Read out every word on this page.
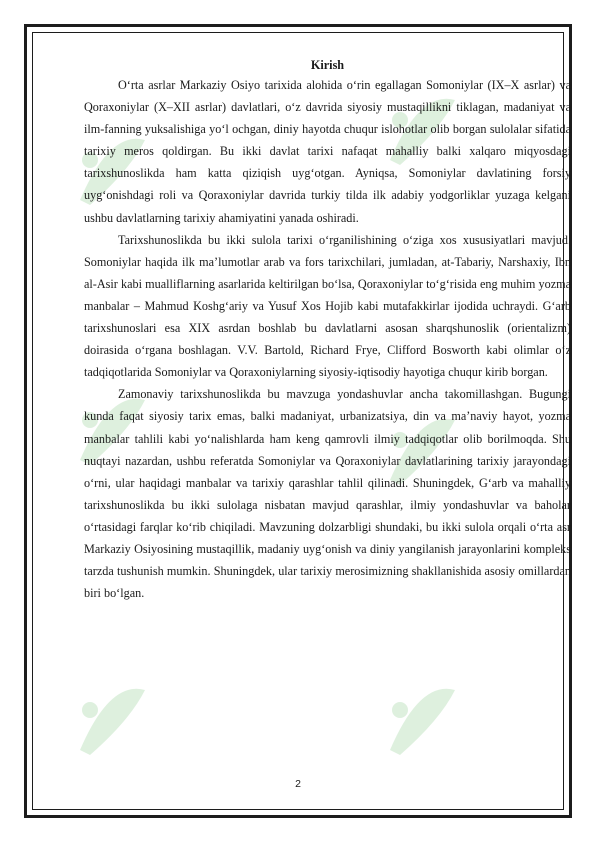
Kirish

O‘rta asrlar Markaziy Osiyo tarixida alohida o‘rin egallagan Somoniylar (IX–X asrlar) va Qoraxoniylar (X–XII asrlar) davlatlari, o‘z davrida siyosiy mustaqillikni tiklagan, madaniyat va ilm-fanning yuksalishiga yo‘l ochgan, diniy hayotda chuqur islohotlar olib borgan sulolalar sifatida tarixiy meros qoldirgan. Bu ikki davlat tarixi nafaqat mahalliy balki xalqaro miqyosdagi tarixshunoslikda ham katta qiziqish uyg‘otgan. Ayniqsa, Somoniylar davlatining forsiy uyg‘onishdagi roli va Qoraxoniylar davrida turkiy tilda ilk adabiy yodgorliklar yuzaga kelgani ushbu davlatlarning tarixiy ahamiyatini yanada oshiradi.

Tarixshunoslikda bu ikki sulola tarixi o‘rganilishining o‘ziga xos xususiyatlari mavjud. Somoniylar haqida ilk ma’lumotlar arab va fors tarixchilari, jumladan, at-Tabariy, Narshaxiy, Ibn al-Asir kabi mualliflarning asarlarida keltirilgan bo‘lsa, Qoraxoniylar to‘g‘risida eng muhim yozma manbalar – Mahmud Koshg‘ariy va Yusuf Xos Hojib kabi mutafakkirlar ijodida uchraydi. G‘arb tarixshunoslari esa XIX asrdan boshlab bu davlatlarni asosan sharqshunoslik (orientalizm) doirasida o‘rgana boshlagan. V.V. Bartold, Richard Frye, Clifford Bosworth kabi olimlar o‘z tadqiqotlarida Somoniylar va Qoraxoniylarning siyosiy-iqtisodiy hayotiga chuqur kirib borgan.

Zamonaviy tarixshunoslikda bu mavzuga yondashuvlar ancha takomillashgan. Bugungi kunda faqat siyosiy tarix emas, balki madaniyat, urbanizatsiya, din va ma’naviy hayot, yozma manbalar tahlili kabi yo‘nalishlarda ham keng qamrovli ilmiy tadqiqotlar olib borilmoqda. Shu nuqtayi nazardan, ushbu referatda Somoniylar va Qoraxoniylar davlatlarining tarixiy jarayondagi o‘rni, ular haqidagi manbalar va tarixiy qarashlar tahlil qilinadi. Shuningdek, G‘arb va mahalliy tarixshunoslikda bu ikki sulolaga nisbatan mavjud qarashlar, ilmiy yondashuvlar va baholar o‘rtasidagi farqlar ko‘rib chiqiladi. Mavzuning dolzarbligi shundaki, bu ikki sulola orqali o‘rta asr Markaziy Osiyosining mustaqillik, madaniy uyg‘onish va diniy yangilanish jarayonlarini kompleks tarzda tushunish mumkin. Shuningdek, ular tarixiy merosimizning shakllanishida asosiy omillardan biri bo‘lgan.

2
